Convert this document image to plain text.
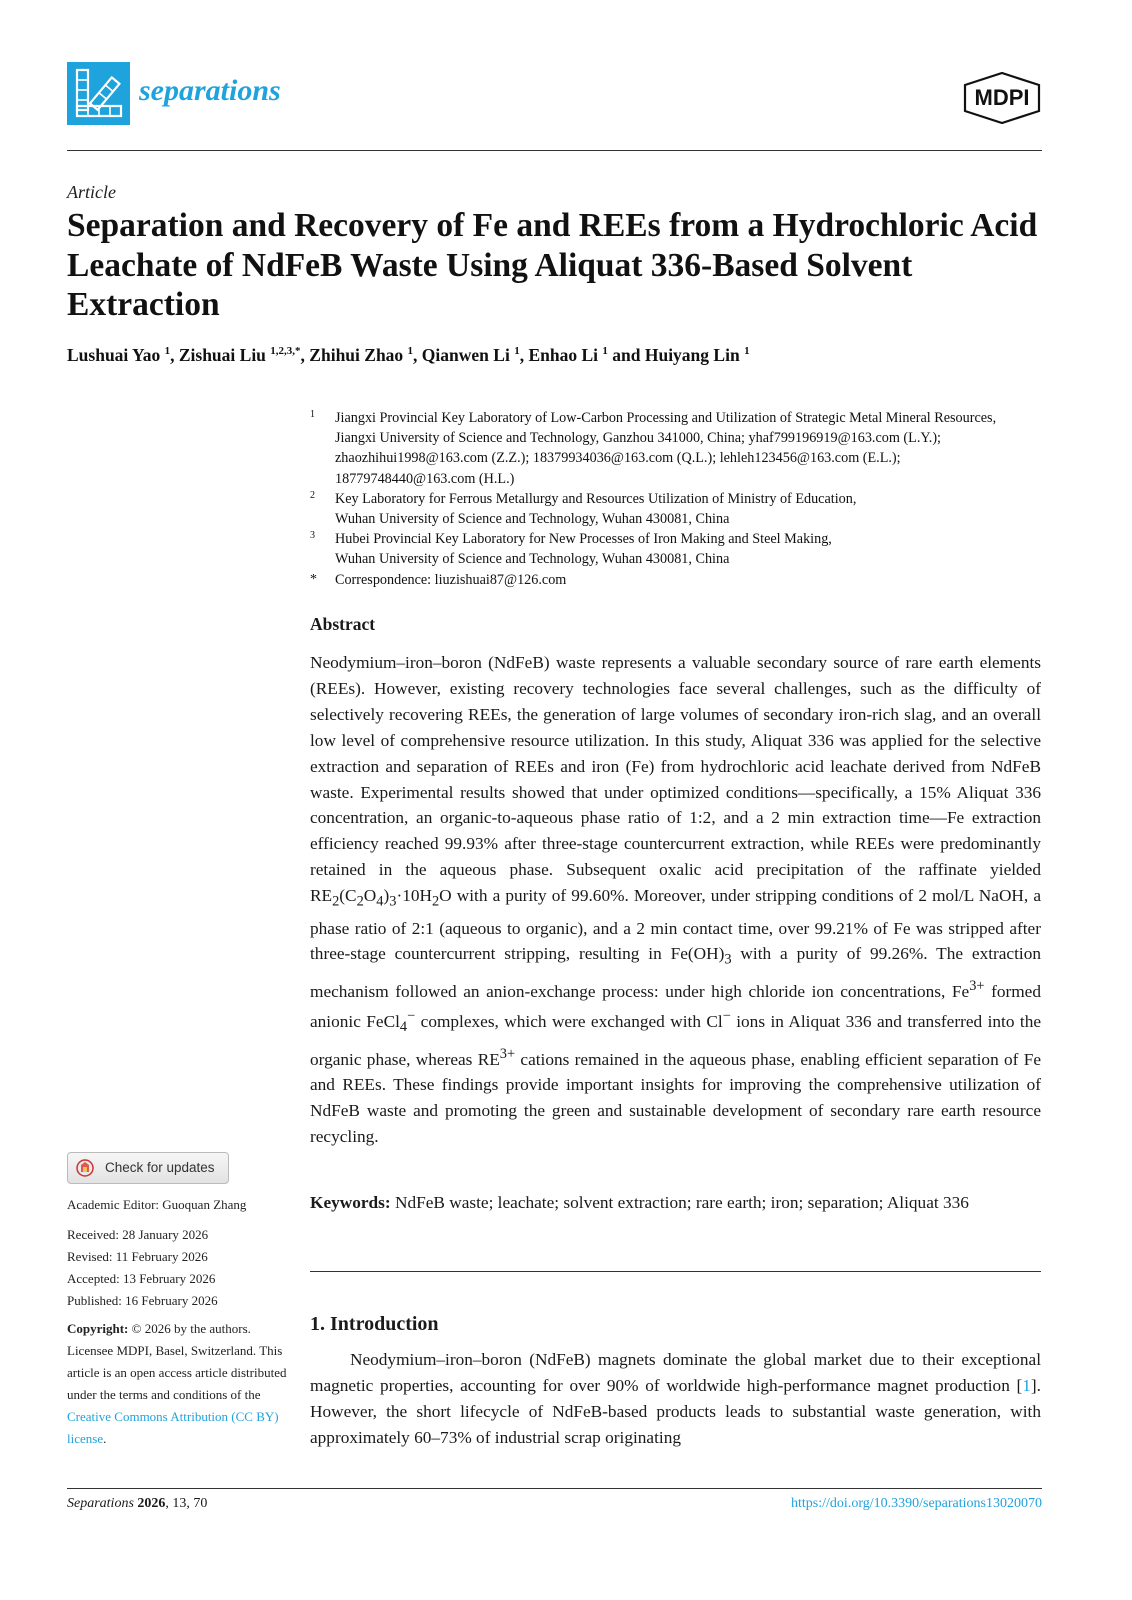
separations	MDPI
Article
Separation and Recovery of Fe and REEs from a Hydrochloric Acid Leachate of NdFeB Waste Using Aliquat 336-Based Solvent Extraction
Lushuai Yao $^1$, Zishuai Liu $^{1,2,3,*}$, Zhihui Zhao $^1$, Qianwen Li $^1$, Enhao Li $^1$ and Huiyang Lin $^1$
1 Jiangxi Provincial Key Laboratory of Low-Carbon Processing and Utilization of Strategic Metal Mineral Resources,
Jiangxi University of Science and Technology, Ganzhou 341000, China; yhaf799196919@163.com (L.Y.);
zhaozhihui1998@163.com (Z.Z.); 18379934036@163.com (Q.L.); lehleh123456@163.com (E.L.);
18779748440@163.com (H.L.)
2 Key Laboratory for Ferrous Metallurgy and Resources Utilization of Ministry of Education,
Wuhan University of Science and Technology, Wuhan 430081, China
3 Hubei Provincial Key Laboratory for New Processes of Iron Making and Steel Making,
Wuhan University of Science and Technology, Wuhan 430081, China
* Correspondence: liuzishuai87@126.com
Abstract
Neodymium–iron–boron (NdFeB) waste represents a valuable secondary source of rare earth elements (REEs). However, existing recovery technologies face several challenges, such as the difficulty of selectively recovering REEs, the generation of large volumes of secondary iron-rich slag, and an overall low level of comprehensive resource utilization. In this study, Aliquat 336 was applied for the selective extraction and separation of REEs and iron (Fe) from hydrochloric acid leachate derived from NdFeB waste. Experimental results showed that under optimized conditions—specifically, a 15% Aliquat 336 concentration, an organic-to-aqueous phase ratio of 1:2, and a 2 min extraction time—Fe extraction efficiency reached 99.93% after three-stage countercurrent extraction, while REEs were predominantly retained in the aqueous phase. Subsequent oxalic acid precipitation of the raffinate yielded $RE_2(C_2O_4)_3\cdot 10H_2O$ with a purity of 99.60%. Moreover, under stripping conditions of 2 mol/L NaOH, a phase ratio of 2:1 (aqueous to organic), and a 2 min contact time, over 99.21% of Fe was stripped after three-stage countercurrent stripping, resulting in $Fe(OH)_3$ with a purity of 99.26%. The extraction mechanism followed an anion-exchange process: under high chloride ion concentrations, $Fe^{3+}$ formed anionic FeCl$_4$− complexes, which were exchanged with Cl− ions in Aliquat 336 and transferred into the organic phase, whereas $RE^{3+}$ cations remained in the aqueous phase, enabling efficient separation of Fe and REEs. These findings provide important insights for improving the comprehensive utilization of NdFeB waste and promoting the green and sustainable development of secondary rare earth resource recycling.
Keywords: NdFeB waste; leachate; solvent extraction; rare earth; iron; separation; Aliquat 336
1. Introduction
Neodymium–iron–boron (NdFeB) magnets dominate the global market due to their exceptional magnetic properties, accounting for over 90% of worldwide high-performance magnet production [1]. However, the short lifecycle of NdFeB-based products leads to substantial waste generation, with approximately 60–73% of industrial scrap originating
Check for updates
Academic Editor: Guoquan Zhang
Received: 28 January 2026
Revised: 11 February 2026
Accepted: 13 February 2026
Published: 16 February 2026
Copyright: © 2026 by the authors. Licensee MDPI, Basel, Switzerland. This article is an open access article distributed under the terms and conditions of the Creative Commons Attribution (CC BY) license.
Separations 2026, 13, 70	https://doi.org/10.3390/separations13020070
